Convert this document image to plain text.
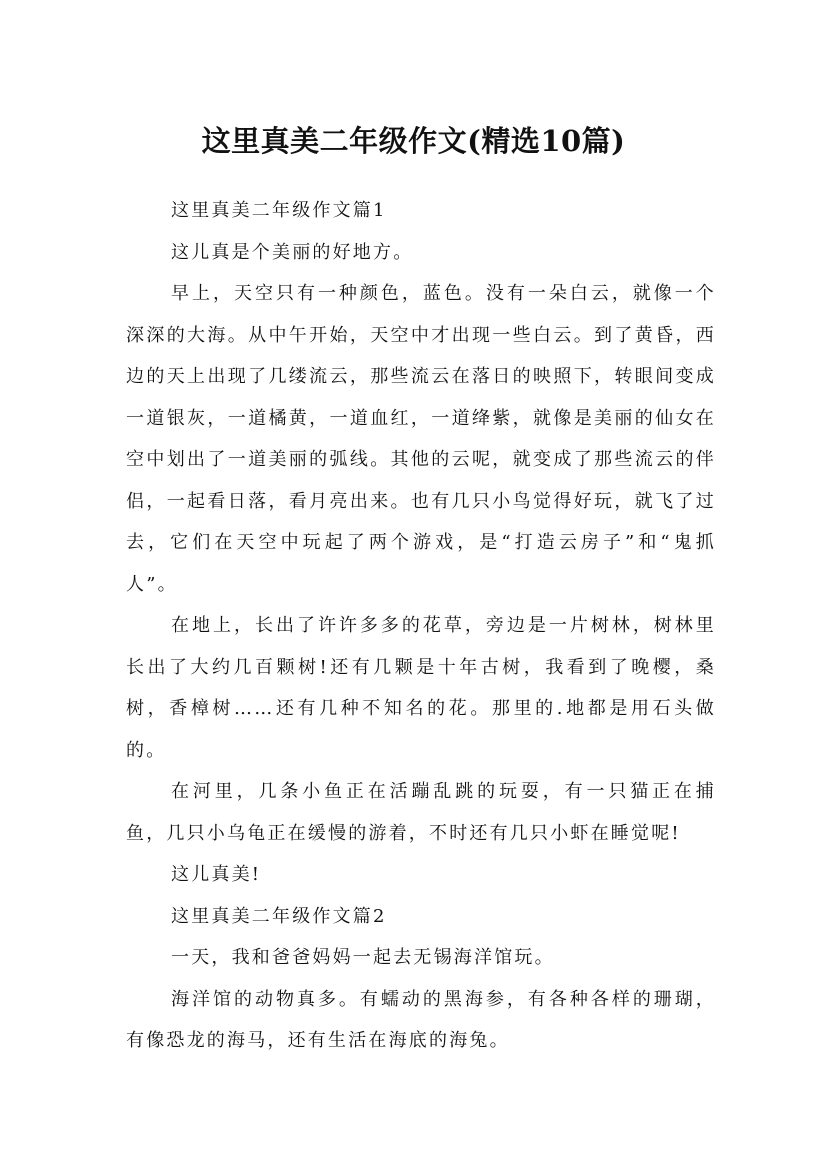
这里真美二年级作文(精选10篇)

这里真美二年级作文篇1

这儿真是个美丽的好地方。

早上，天空只有一种颜色，蓝色。没有一朵白云，就像一个深深的大海。从中午开始，天空中才出现一些白云。到了黄昏，西边的天上出现了几缕流云，那些流云在落日的映照下，转眼间变成一道银灰，一道橘黄，一道血红，一道绛紫，就像是美丽的仙女在空中划出了一道美丽的弧线。其他的云呢，就变成了那些流云的伴侣，一起看日落，看月亮出来。也有几只小鸟觉得好玩，就飞了过去，它们在天空中玩起了两个游戏，是“打造云房子”和“鬼抓人”。

在地上，长出了许许多多的花草，旁边是一片树林，树林里长出了大约几百颗树!还有几颗是十年古树，我看到了晚樱，桑树，香樟树……还有几种不知名的花。那里的.地都是用石头做的。

在河里，几条小鱼正在活蹦乱跳的玩耍，有一只猫正在捕鱼，几只小乌龟正在缓慢的游着，不时还有几只小虾在睡觉呢!

这儿真美!

这里真美二年级作文篇2

一天，我和爸爸妈妈一起去无锡海洋馆玩。

海洋馆的动物真多。有蠕动的黑海参，有各种各样的珊瑚，有像恐龙的海马，还有生活在海底的海兔。
